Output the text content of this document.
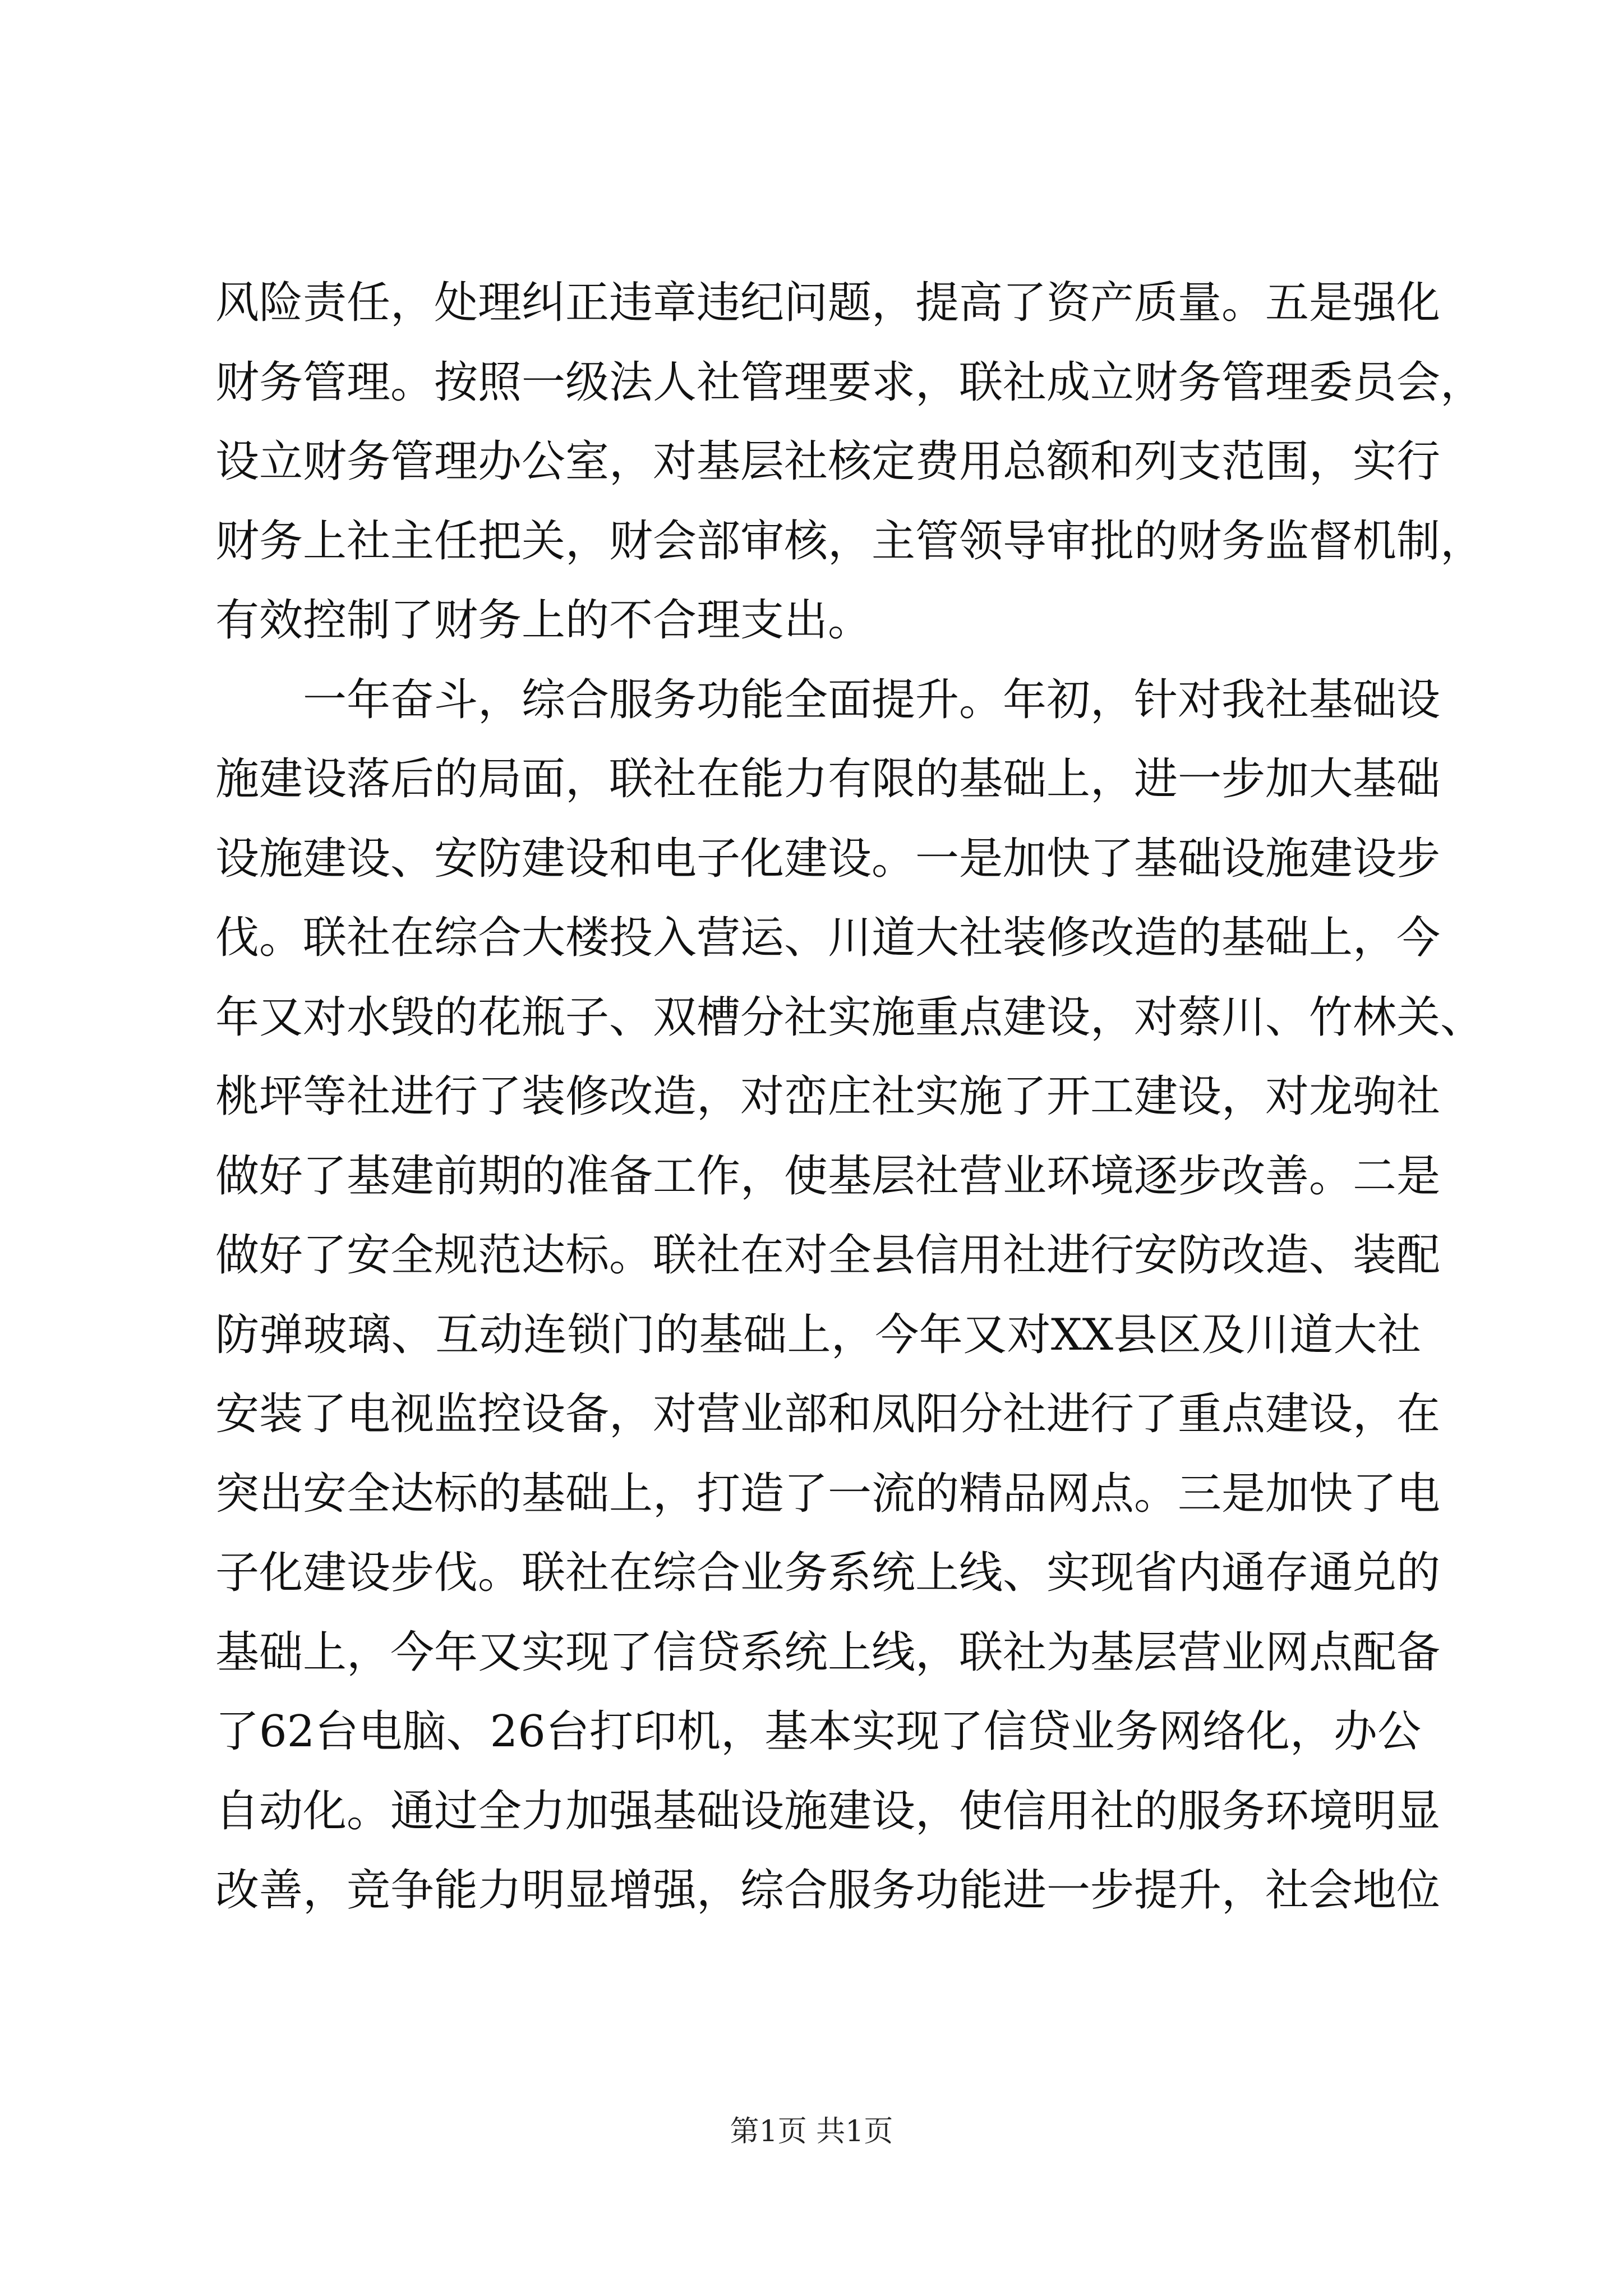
风险责任，处理纠正违章违纪问题，提高了资产质量。五是强化
财务管理。按照一级法人社管理要求，联社成立财务管理委员会，
设立财务管理办公室，对基层社核定费用总额和列支范围，实行
财务上社主任把关，财会部审核，主管领导审批的财务监督机制，
有效控制了财务上的不合理支出。
一年奋斗，综合服务功能全面提升。年初，针对我社基础设
施建设落后的局面，联社在能力有限的基础上，进一步加大基础
设施建设、安防建设和电子化建设。一是加快了基础设施建设步
伐。联社在综合大楼投入营运、川道大社装修改造的基础上，今
年又对水毁的花瓶子、双槽分社实施重点建设，对蔡川、竹林关、
桃坪等社进行了装修改造，对峦庄社实施了开工建设，对龙驹社
做好了基建前期的准备工作，使基层社营业环境逐步改善。二是
做好了安全规范达标。联社在对全县信用社进行安防改造、装配
防弹玻璃、互动连锁门的基础上，今年又对XX县区及川道大社
安装了电视监控设备，对营业部和凤阳分社进行了重点建设，在
突出安全达标的基础上，打造了一流的精品网点。三是加快了电
子化建设步伐。联社在综合业务系统上线、实现省内通存通兑的
基础上，今年又实现了信贷系统上线，联社为基层营业网点配备
了62台电脑、26台打印机，基本实现了信贷业务网络化，办公
自动化。通过全力加强基础设施建设，使信用社的服务环境明显
改善，竞争能力明显增强，综合服务功能进一步提升，社会地位
第1页 共1页
